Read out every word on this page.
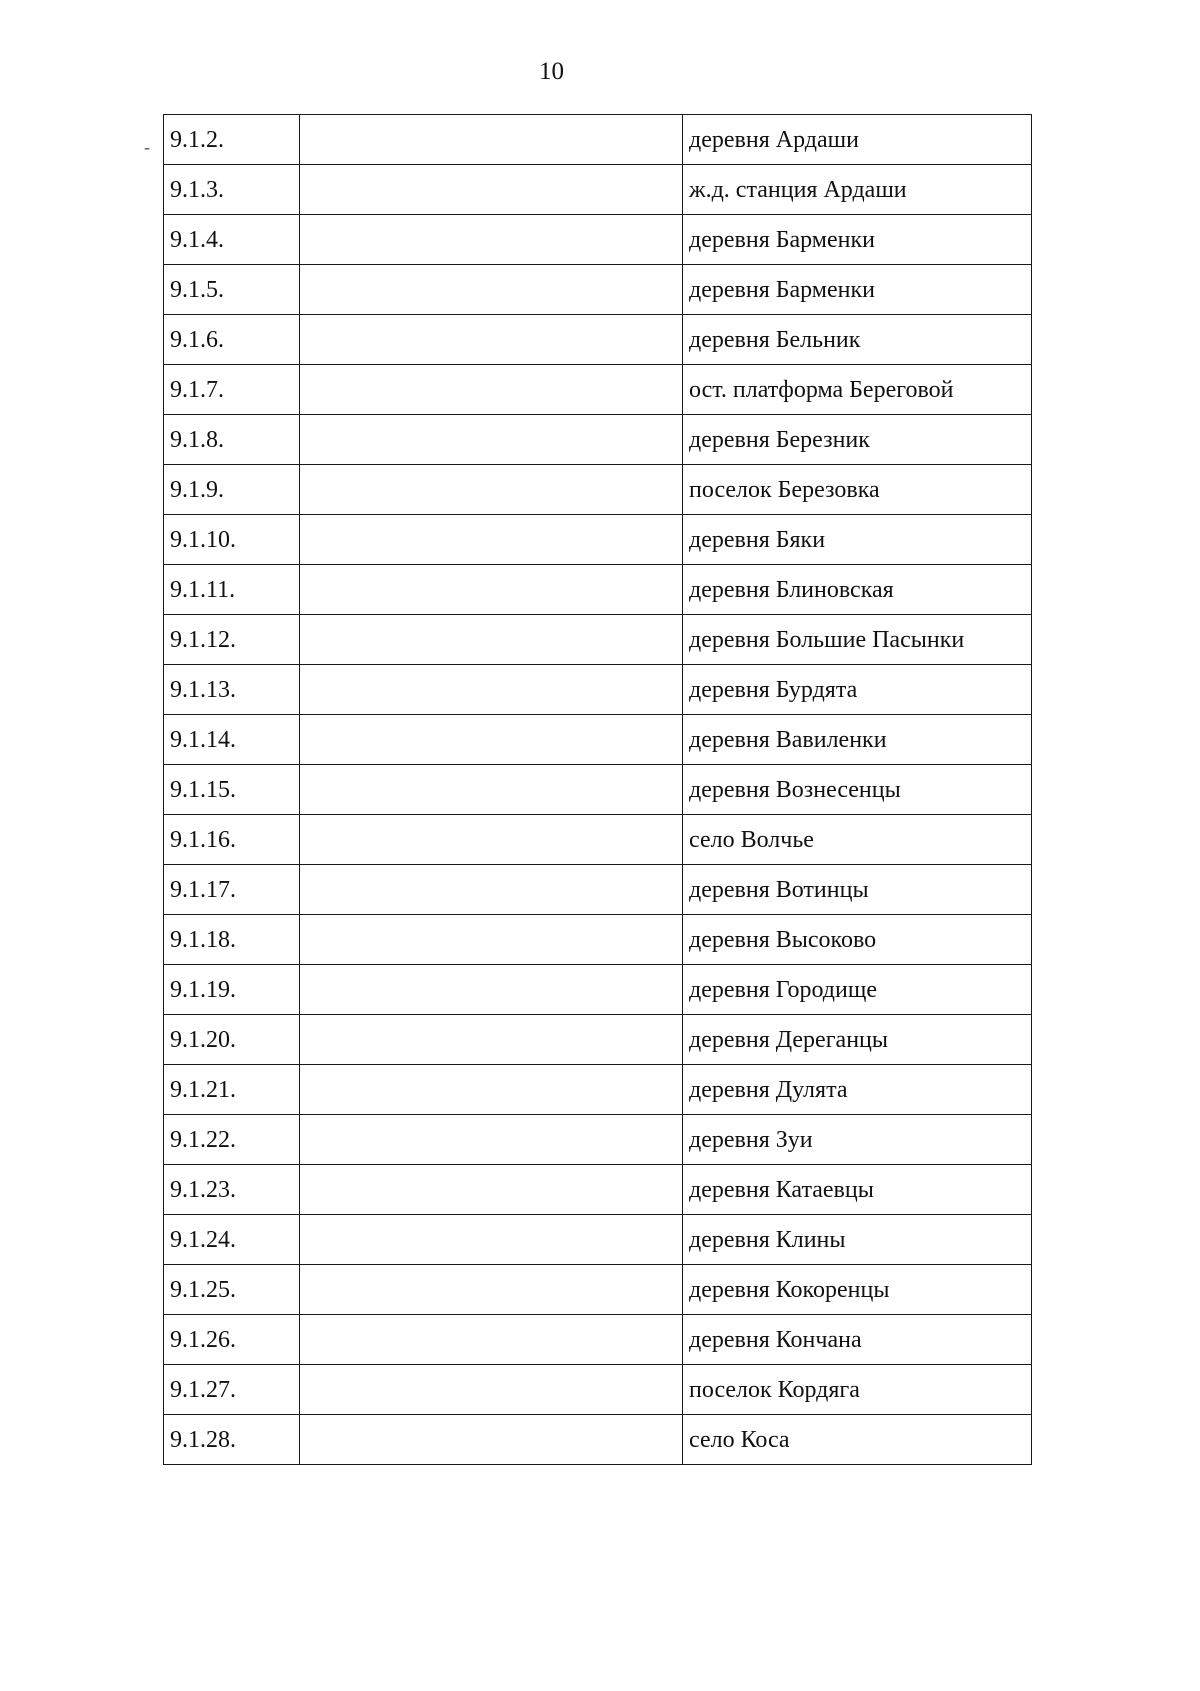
10
- 9.1.2.		деревня Ардаши
9.1.3.		ж.д. станция Ардаши
9.1.4.		деревня Барменки
9.1.5.		деревня Барменки
9.1.6.		деревня Бельник
9.1.7.		ост. платформа Береговой
9.1.8.		деревня Березник
9.1.9.		поселок Березовка
9.1.10.		деревня Бяки
9.1.11.		деревня Блиновская
9.1.12.		деревня Большие Пасынки
9.1.13.		деревня Бурдята
9.1.14.		деревня Вавиленки
9.1.15.		деревня Вознесенцы
9.1.16.		село Волчье
9.1.17.		деревня Вотинцы
9.1.18.		деревня Высоково
9.1.19.		деревня Городище
9.1.20.		деревня Дереганцы
9.1.21.		деревня Дулята
9.1.22.		деревня Зуи
9.1.23.		деревня Катаевцы
9.1.24.		деревня Клины
9.1.25.		деревня Кокоренцы
9.1.26.		деревня Кончана
9.1.27.		поселок Кордяга
9.1.28.		село Коса
